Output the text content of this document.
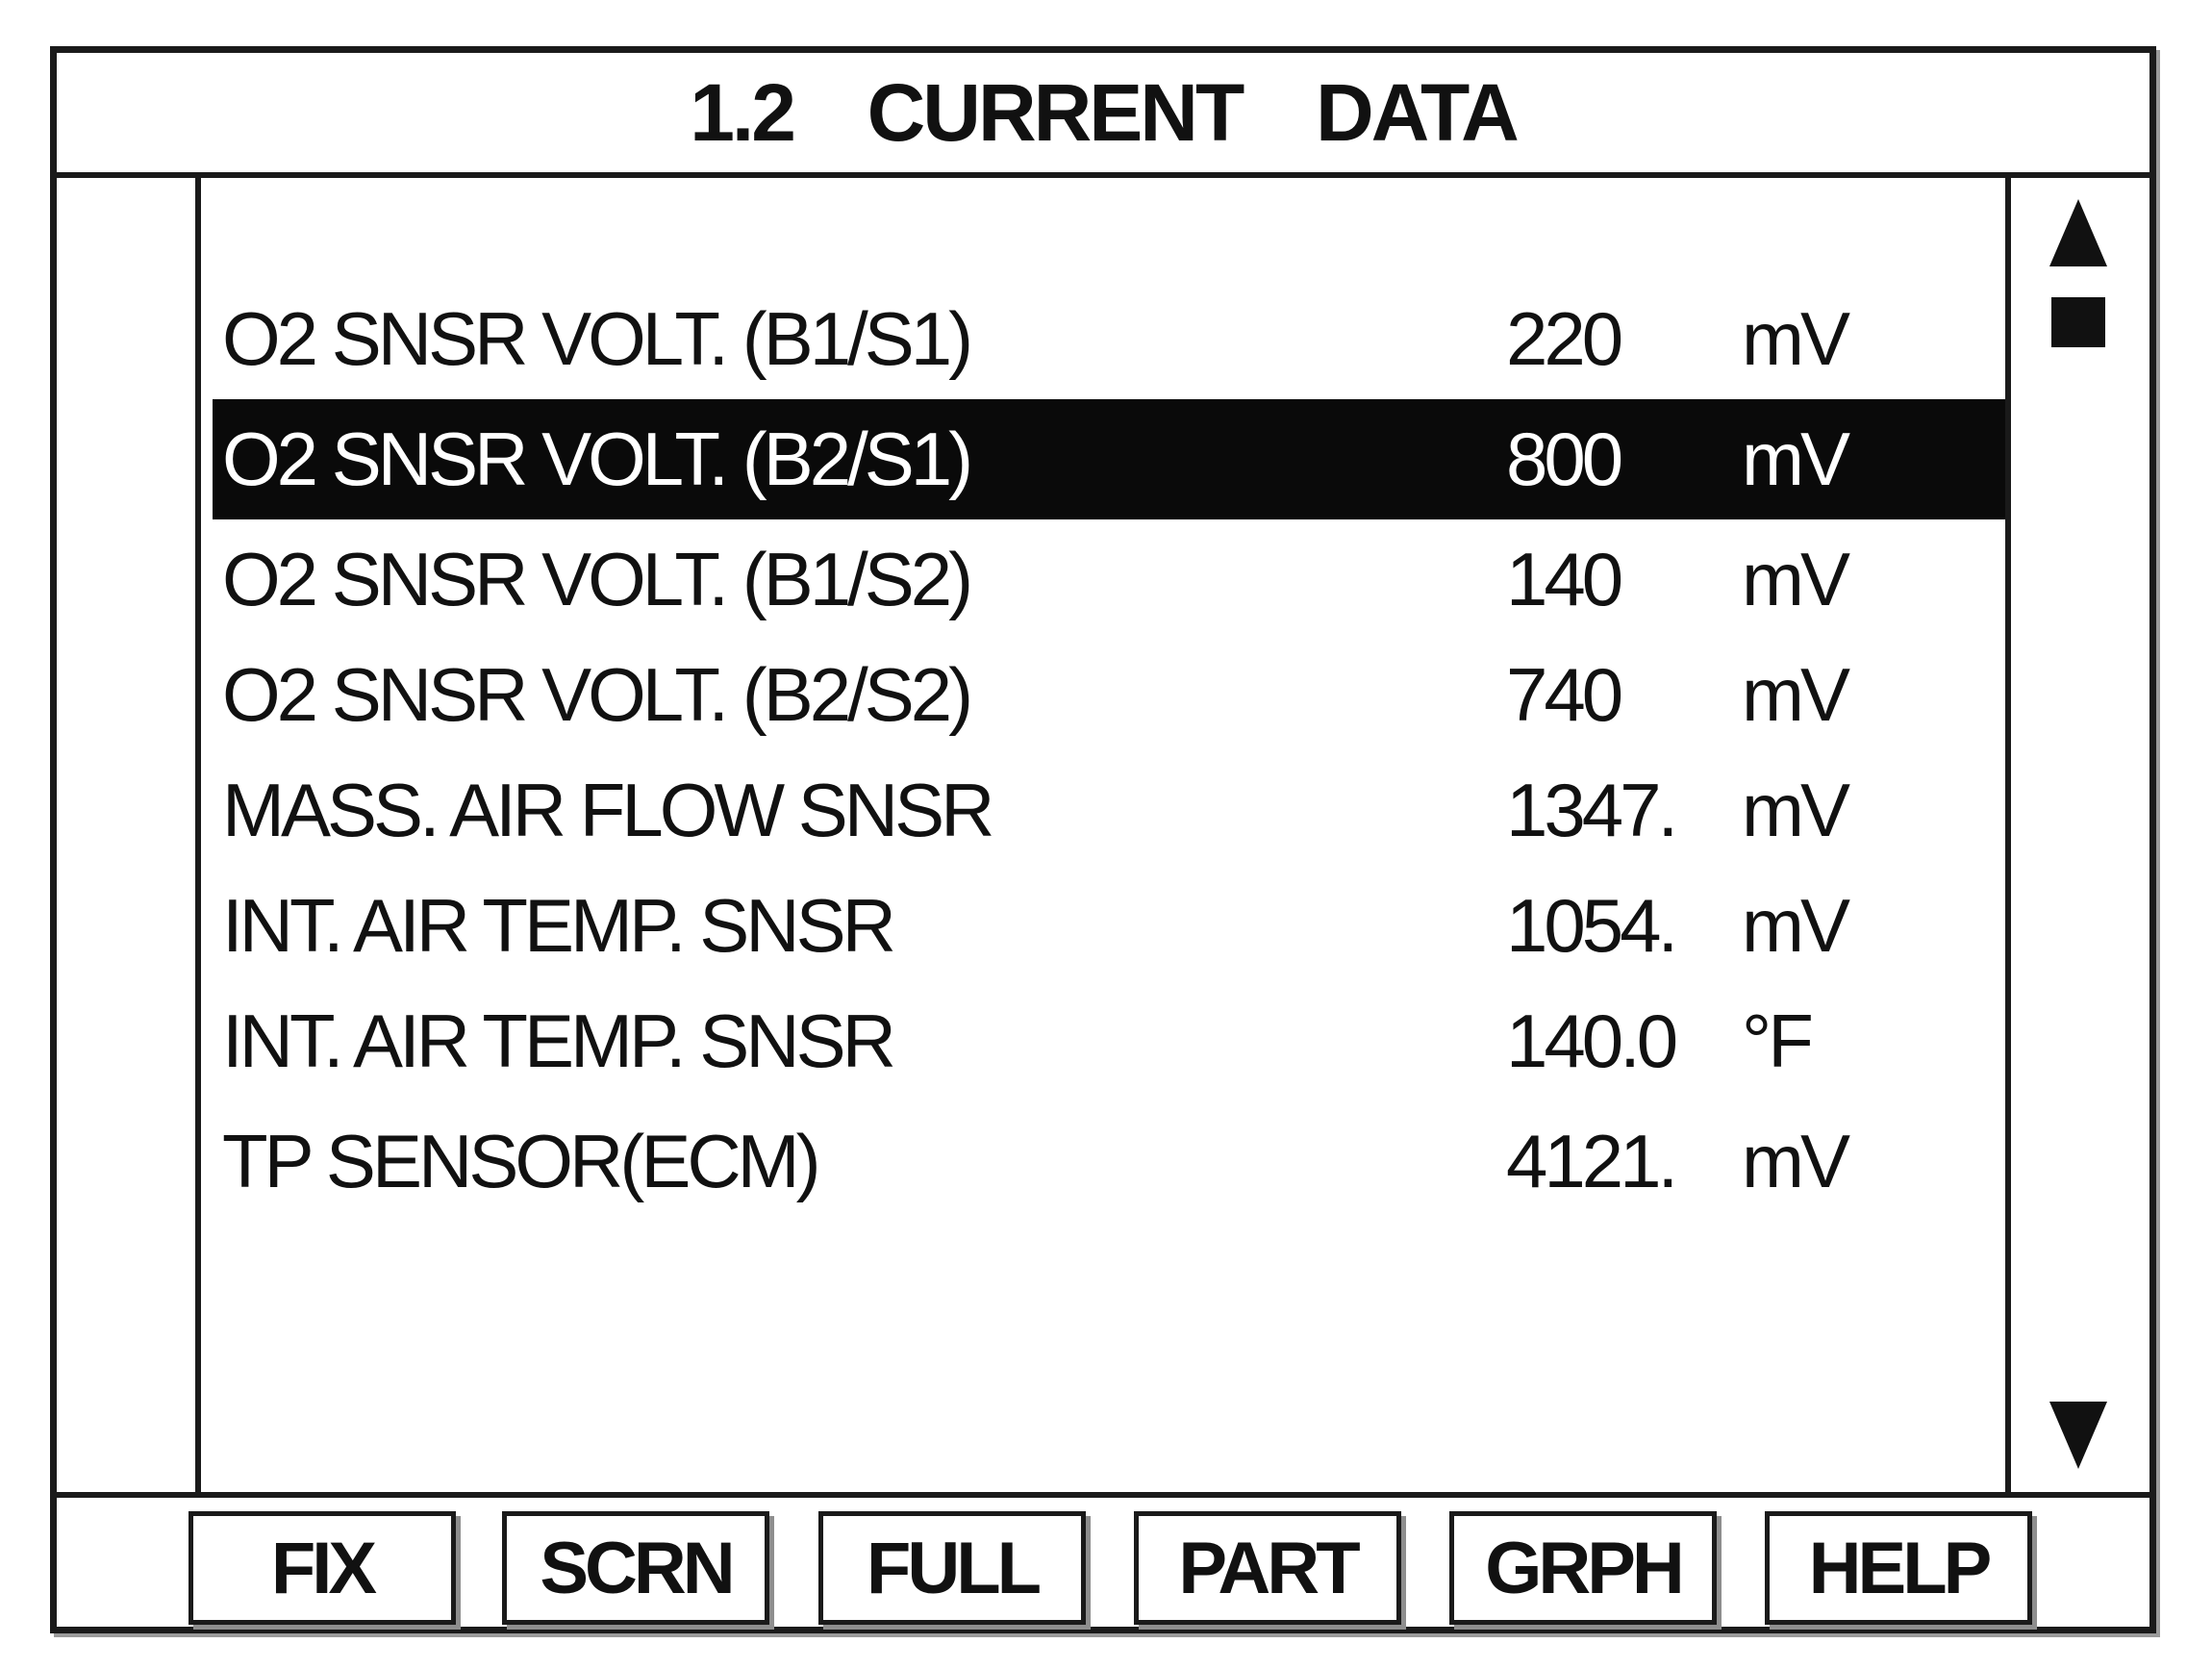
1.2  CURRENT  DATA
O2 SNSR VOLT. (B1/S1)	220 mV
O2 SNSR VOLT. (B2/S1)	800 mV
O2 SNSR VOLT. (B1/S2)	140 mV
O2 SNSR VOLT. (B2/S2)	740 mV
MASS. AIR FLOW SNSR	1347. mV
INT. AIR TEMP. SNSR	1054. mV
INT. AIR TEMP. SNSR	140.0 °F
TP SENSOR(ECM)	4121. mV
FIX	SCRN	FULL	PART	GRPH	HELP
